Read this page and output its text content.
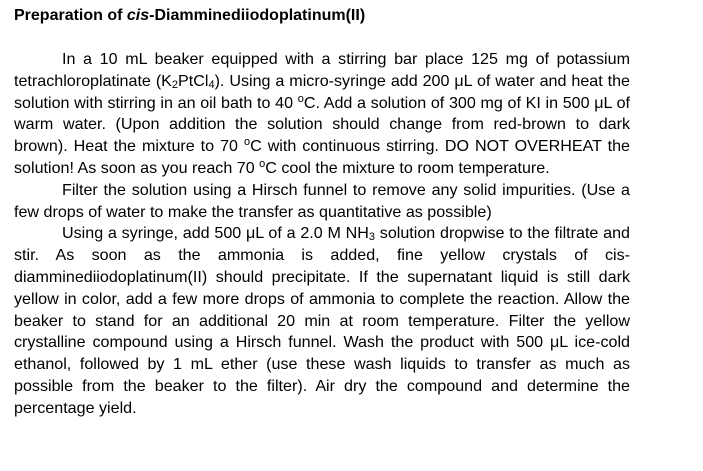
Preparation of cis-Diamminediiodoplatinum(II)

In a 10 mL beaker equipped with a stirring bar place 125 mg of potassium tetrachloroplatinate $(K_2PtCl_4)$. Using a micro-syringe add 200 μL of water and heat the solution with stirring in an oil bath to 40 $^o$C. Add a solution of 300 mg of KI in 500 μL of warm water. (Upon addition the solution should change from red-brown to dark brown). Heat the mixture to 70 $^o$C with continuous stirring. DO NOT OVERHEAT the solution! As soon as you reach 70 $^o$C cool the mixture to room temperature.

Filter the solution using a Hirsch funnel to remove any solid impurities. (Use a few drops of water to make the transfer as quantitative as possible)

Using a syringe, add 500 μL of a 2.0 M $NH_3$ solution dropwise to the filtrate and stir. As soon as the ammonia is added, fine yellow crystals of cis-diamminediiodoplatinum(II) should precipitate. If the supernatant liquid is still dark yellow in color, add a few more drops of ammonia to complete the reaction. Allow the beaker to stand for an additional 20 min at room temperature. Filter the yellow crystalline compound using a Hirsch funnel. Wash the product with 500 μL ice-cold ethanol, followed by 1 mL ether (use these wash liquids to transfer as much as possible from the beaker to the filter). Air dry the compound and determine the percentage yield.
